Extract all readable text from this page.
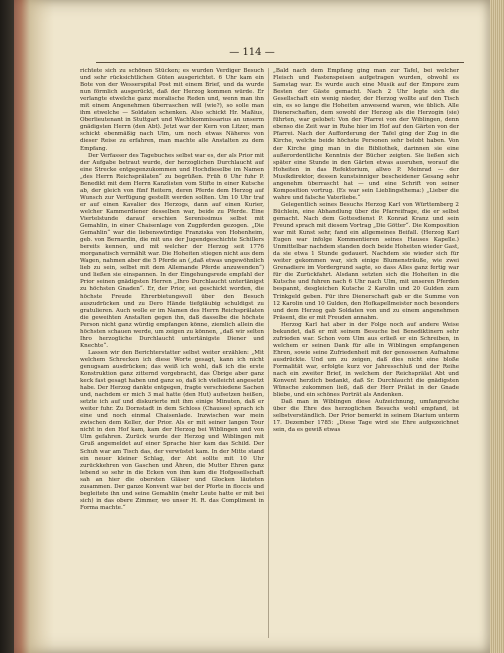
— 114 —

richtete sich zu schönen Stücken; es wurden Verdiger Besuch und sehr rücksichtlichen Güten ausgerichtet. 6 Uhr kam ein Bote von der Wesserspital Post mit einem Brief, und da wurde nun förmlich ausgerückt, daß der Herzog kommen würde. Er verlangte etwelche ganz moralische Reden und, wenn man ihn mit einem Angenehmen überraschen will (wie?), so solle man ihm etwelche — Soldaten schenken. Also schickt Hr. Maßius, Oberlieutenant in Stuttgart und Wachtkommissarius an unserm gnädigsten Herrn (den Abt). Jetzt war der Kern von Litzer, man schickt ebenmäßig nach Ulm, um noch etwas Näheres von dieser Reise zu erfahren, man machte alle Anstalten zu dem Empfang.

Der Verfasser des Tagebuches selbst war es, der als Prior mit der Aufgabe betraut wurde, der herzoglichen Durchlaucht auf eine Strecke entgegenzukommen und Hochdieselbe im Namen „des Herrn Reichsprälaten“ zu begrüßen. Früh 6 Uhr fuhr P. Benedikt mit dem Herrn Kanzlisten vom Stifte in einer Kutsche ab, der gleich von fünf Reitern, deren Pferde dem Herzog auf Wunsch zur Verfügung gestellt werden sollten. Um 10 Uhr traf er auf einen Kavalier des Herzogs, dann auf einen Kurier, welcher Kammerdiener desselben war, beide zu Pferde. Eine Viertelstunde darauf erschien Serenissimus selbst mit Gemahlin, in einer Chaisenlage von Zugpferden gezogen. „Die Gemahlin“ war die liebenswürdige Franziska von Hohenheim, geb. von Bernardin, die mit uns der Jugendgeschichte Schillers bereits kennen, und mit welcher der Herzog seit 1776 morganatisch vermählt war. Die Hoheiten stiegen nicht aus dem Wagen, nahmen aber die 5 Pferde an („daß etwas ungewöhnlich lieb zu sein, selbst mit dem Allemande Pferde anzuwenden“) und ließen sie einspannen. In der Eingehungsrede empfahl der Prior seinen gnädigsten Herren „Ihro Durchlaucht untertänigst zu höchsten Gnaden“. Er, der Prior, sei geschickt worden, die höchste Freude Ehrerbietungsvoll über den Besuch auszudrücken und zu Dero Hände tiefgläubig schuldigst zu gratulieren. Auch wolle er im Namen des Herrn Reichsprälaten die geweihten Anstalten gegen ihn, daß dasselbe die höchste Person nicht ganz würdig empfangen könne, ziemlich allein die höchsten schauen werde, um zeigen zu können, „daß wir selten Ihro herzogliche Durchlaucht untertänigste Diener und Knechte“.

Lassen wir den Berichterstatter selbst weiter erzählen: „Mit welchem Schrecken ich diese Worte gesagt, kann ich nicht genugsam ausdrücken; das weiß ich wohl, daß ich die erste Konstruktion ganz zitternd vorgebracht, das Übrige aber ganz keck fast gesagt haben und ganz so, daß ich vielleicht angesetzt habe. Der Herzog dankte entgegen, fragte verschiedene Sachen und, nachdem er mich 3 mal hatte (den Hut) aufsetzen heißen, setzte ich auf und diskurierte mit ihm einige Minuten, daß er weiter fuhr. Zu Dornstadt in dem Schloss (Chausee) sprach ich eine und noch einmal Chaisenlade. Inzwischen war mein zwischen dem Keller, der Prior. Als er mit seiner langen Tour nicht in den Hof kam, kam der Herzog bei Wiblingen und von Ulm gefahren. Zurück wurde der Herzog und Wiblingen mit Gruß angemeldet auf einer Sprache hier kam das Schild. Der Schuh war am Tisch das, der verwüstet kam. In der Mitte stand ein neuer kleiner Schlag, der Abt sollte mit 10 Uhr zurückkehren von Gaschen und Ähren, die Mutter Ehren ganz lebend so sehr in die Ecken von ihm kam die Hofgesellschaft sah an hier die obersten Gläser und Glocken läuteten zusammen. Der ganze Konvent war bei der Pforte in floccis und begleitete ihn und seine Gemahlin (mehr Leute hatte er mit bei sich) in das obere Zimmer, wo unser H. R. das Compliment in Forma machte.“

„Bald nach dem Empfang ging man zur Tafel, bei welcher Fleisch und Fastenspeisen aufgetragen wurden, obwohl es Samstag war. Es wurde auch eine Musik auf der Empore zum Besten der Gäste gemacht. Nach 2 Uhr legte sich die Gesellschaft ein wenig nieder, der Herzog wollte auf den Tisch ein, es so lange die Hoheiten anwesend waren, wie üblich. Alle Dienerschaften, dem sowohl der Herzog als die Herzogin (sie) führten, war gelobet: Von der Pfarrei von der Wiblingen, denn ebenso die Zeit war in Ruhe hier im Hof auf den Gärten von der Pfarrei. Nach der Aufforderung der Tafel ging der Zug in die Kirche, welche beide höchste Personen sehr belobt haben. Von der Kirche ging man in die Bibliothek, darinnen sie eine außerordentliche Kenntnis der Bücher zeigten. Sie ließen sich später eine Stunde in den Gärten etwas ausruhen, worauf die Hoheiten in das Refektorium, allwo P. Meinrad — der Musikdirektor, dessen kunstsinniger bescheidener Gesang sehr angenehm überrascht hat — und eine Schrift von seiner Komposition vortrug. (Es war sein Lieblingsthema:) „Lieber die wahre und falsche Vaterliebe.“

Gelegentlich seines Besuchs Herzog Karl von Württemberg 2 Büchlein, eine Abhandlung über die Pfarreifrage, die er selbst gemacht. Nach dem Gottesdienst P. Konrad Kranz und sein Freund sprach mit diesem Vortrag „Die Götter“. Die Komposition war mit Kunst sehr, fand ein allgemeines Beifall. (Herzog Karl Eugen war infolge Kommentieren seines Hauses Kapelle.) Unmittelbar nachdem standen doch beide Hoheiten wieder Gast, da sie etwa 1 Stunde gedauert. Nachdem sie wieder sich für weiter gekommen war, sich einige Blumensträuße, wie zwei Grenadiere im Vordergrund sagte, so dass Alles ganz fertig war für die Zurückfahrt. Alsdann setzten sich die Hoheiten in die Kutsche und fuhren nach 6 Uhr nach Ulm, mit unseren Pferden bespannt, desgleichen Kutsche 2 Karolin und 20 Gulden zum Trinkgeld geben. Für ihre Dienerschaft gab er die Summe von 12 Karolin und 10 Gulden, den Hofkapellmeister noch besonders und dem Herzog gab Soldaten von und zu einem angenehmen Präsent, die er mit Freuden annahm.

Herzog Karl hat aber in der Folge noch auf andere Weise bekundet, daß er mit seinem Besuche bei Benediktinern sehr zufrieden war. Schon vom Ulm aus erließ er ein Schreiben, in welchem er seinen Dank für alle in Wiblingen empfangenen Ehren, sowie seine Zufriedenheit mit der genossenen Aufnahme ausdrückte. Und um zu zeigen, daß dies nicht eine bloße Formalität war, erfolgte kurz vor Jahresschluß und der Reihe nach ein zweiter Brief, in welchem der Reichsprälat Abt und Konvent herzlich bedankt, daß Sr. Durchlaucht die gnädigsten Wünsche zukommen ließ, daß der Herr Prälat in der Gnade bliebe, und ein schönes Porträt als Andenken.

Daß man in Wiblingen diese Aufzeichnung, umfangreiche über die Ehre des herzoglichen Besuchs wohl empfand, ist selbstverständlich. Der Prior bemerkt in seinem Diarium unterm 17. Dezember 1785: „Diese Tage wird sie Ehre aufgezeichnet sein, da es gewiß etwas
